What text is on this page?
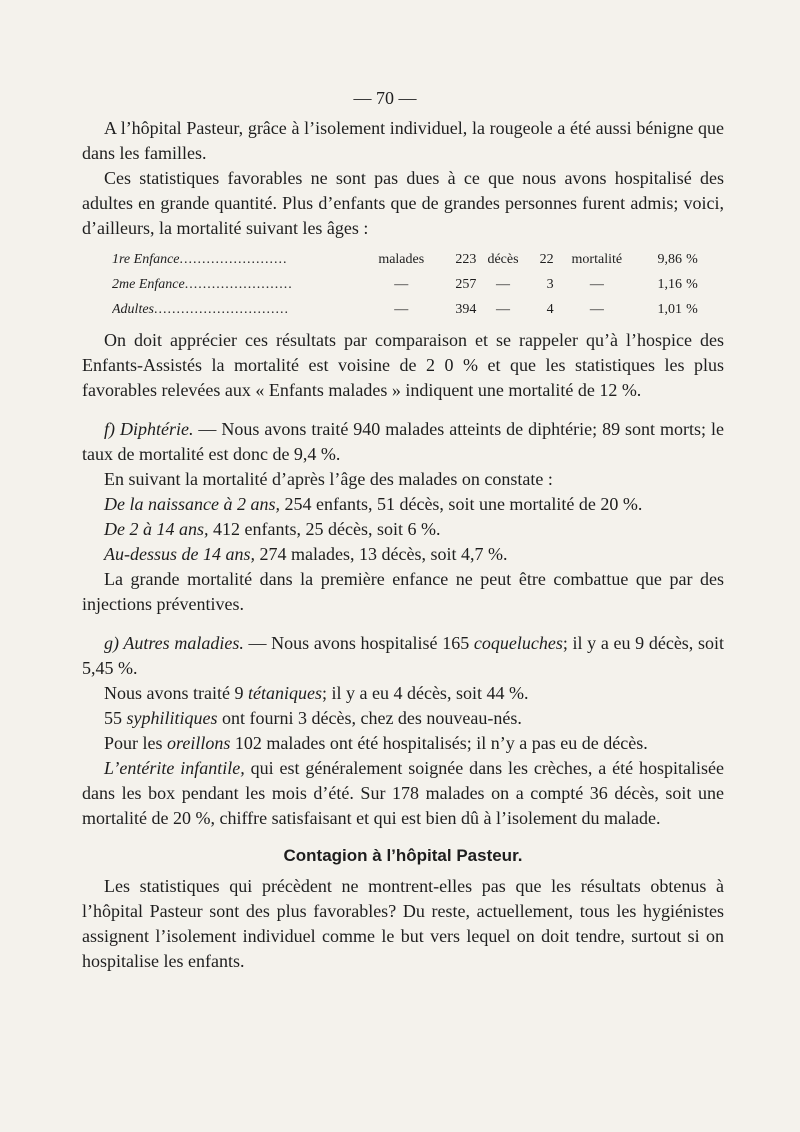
— 70 —

A l’hôpital Pasteur, grâce à l’isolement individuel, la rougeole a été aussi bénigne que dans les familles.

Ces statistiques favorables ne sont pas dues à ce que nous avons hospitalisé des adultes en grande quantité. Plus d’enfants que de grandes personnes furent admis; voici, d’ailleurs, la mortalité suivant les âges :

1re Enfance........................	malades	223	décès	22	mortalité	9,86	%
2me Enfance........................	—	257	—	3	—	1,16	%
Adultes..............................	—	394	—	4	—	1,01	%

On doit apprécier ces résultats par comparaison et se rappeler qu’à l’hospice des Enfants-Assistés la mortalité est voisine de 2 0 % et que les statistiques les plus favorables relevées aux « Enfants malades » indiquent une mortalité de 12 %.

f) Diphtérie. — Nous avons traité 940 malades atteints de diphtérie; 89 sont morts; le taux de mortalité est donc de 9,4 %.

En suivant la mortalité d’après l’âge des malades on constate :

De la naissance à 2 ans, 254 enfants, 51 décès, soit une mortalité de 20 %.

De 2 à 14 ans, 412 enfants, 25 décès, soit 6 %.

Au-dessus de 14 ans, 274 malades, 13 décès, soit 4,7 %.

La grande mortalité dans la première enfance ne peut être combattue que par des injections préventives.

g) Autres maladies. — Nous avons hospitalisé 165 coqueluches; il y a eu 9 décès, soit 5,45 %.

Nous avons traité 9 tétaniques; il y a eu 4 décès, soit 44 %.

55 syphilitiques ont fourni 3 décès, chez des nouveau-nés.

Pour les oreillons 102 malades ont été hospitalisés; il n’y a pas eu de décès.

L’entérite infantile, qui est généralement soignée dans les crèches, a été hospitalisée dans les box pendant les mois d’été. Sur 178 malades on a compté 36 décès, soit une mortalité de 20 %, chiffre satisfaisant et qui est bien dû à l’isolement du malade.

Contagion à l’hôpital Pasteur.

Les statistiques qui précèdent ne montrent-elles pas que les résultats obtenus à l’hôpital Pasteur sont des plus favorables? Du reste, actuellement, tous les hygiénistes assignent l’isolement individuel comme le but vers lequel on doit tendre, surtout si on hospitalise les enfants.
